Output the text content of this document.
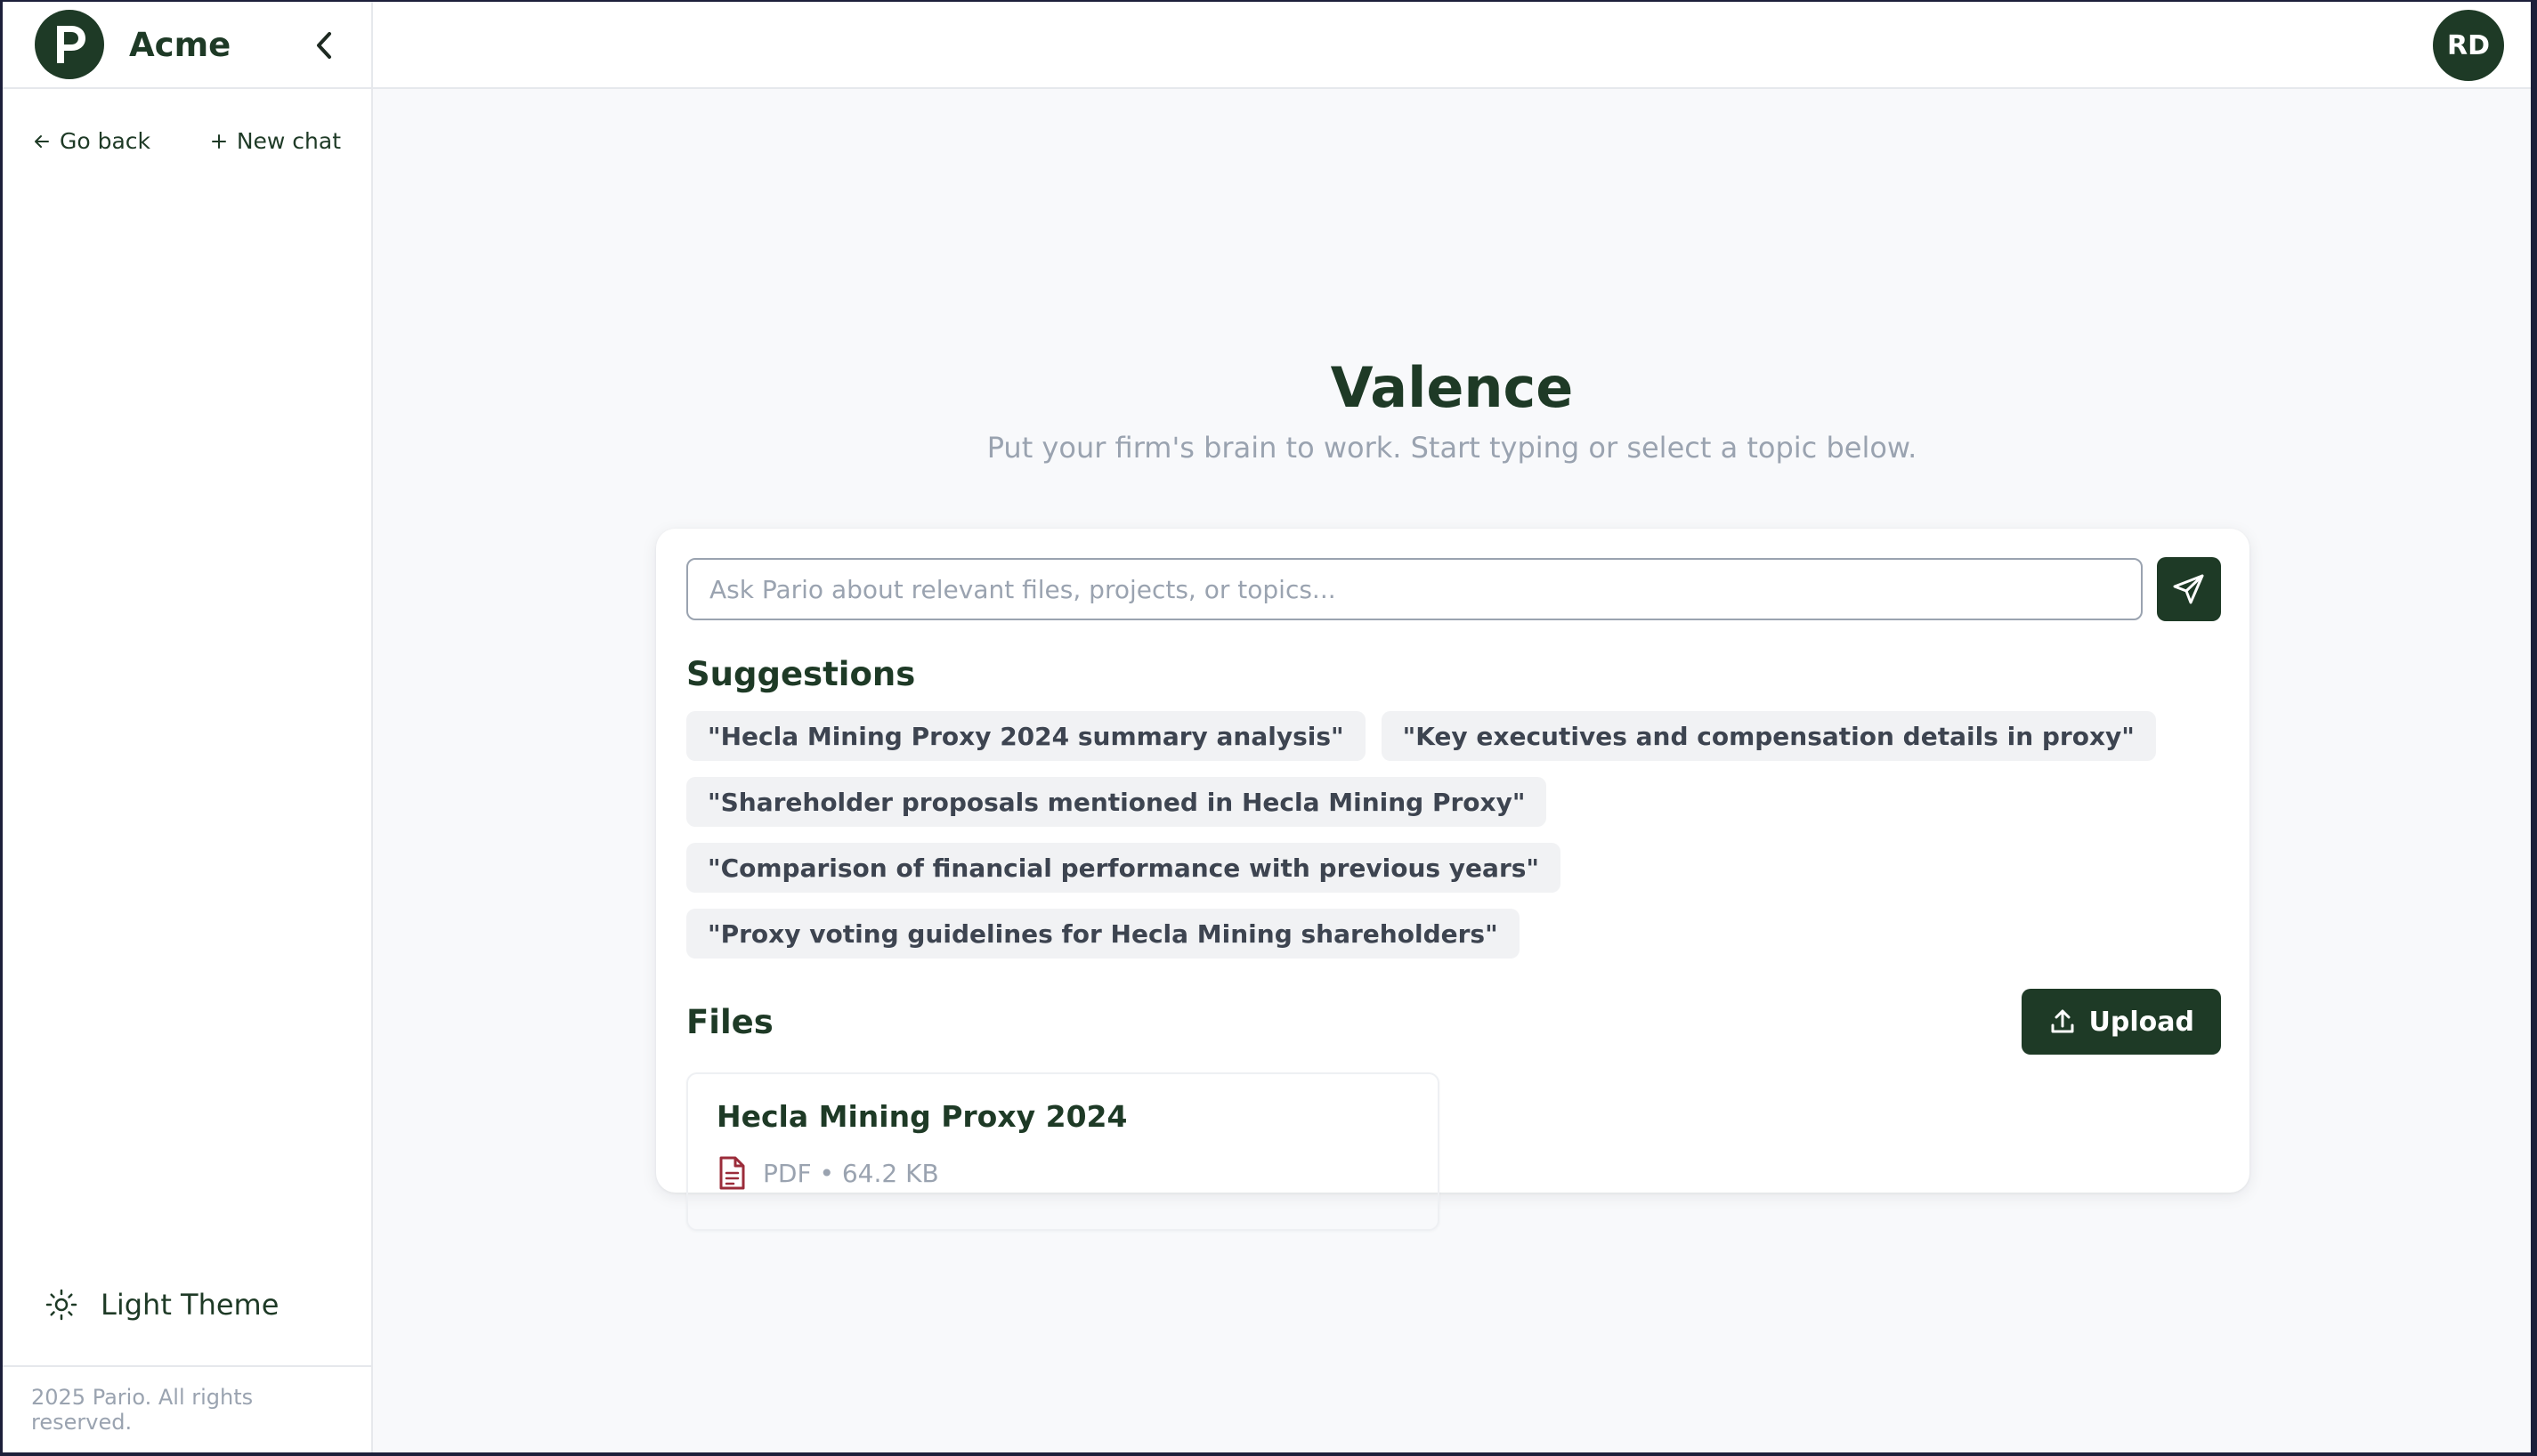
Acme
Go back	New chat
Light Theme
2025 Pario. All rights reserved.
RD
Valence
Put your firm's brain to work. Start typing or select a topic below.
Ask Pario about relevant files, projects, or topics...
Suggestions
"Hecla Mining Proxy 2024 summary analysis"	"Key executives and compensation details in proxy"
"Shareholder proposals mentioned in Hecla Mining Proxy"
"Comparison of financial performance with previous years"
"Proxy voting guidelines for Hecla Mining shareholders"
Files	Upload
Hecla Mining Proxy 2024
PDF • 64.2 KB
